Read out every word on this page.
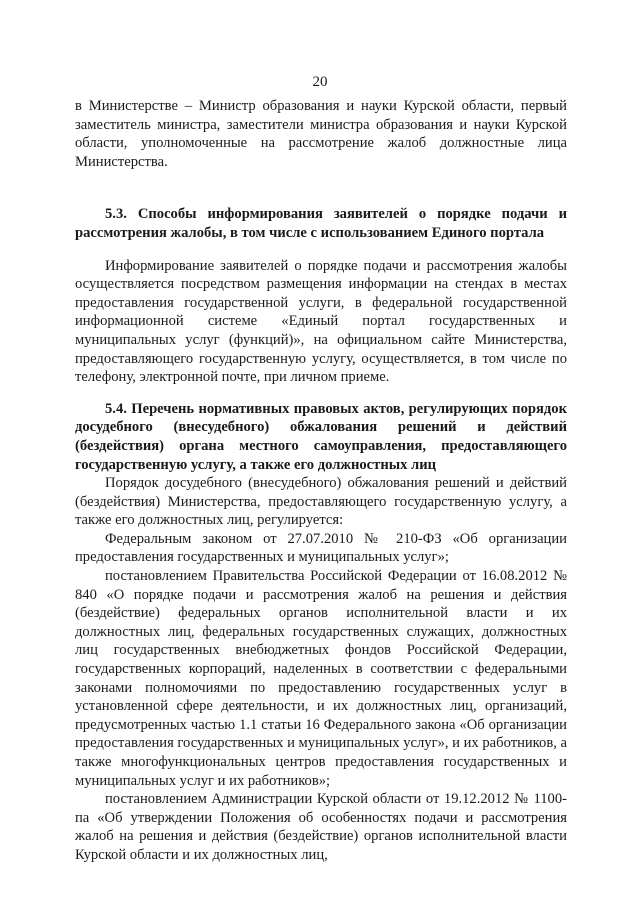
20

в Министерстве – Министр образования и науки Курской области, первый заместитель министра, заместители министра образования и науки Курской области, уполномоченные на рассмотрение жалоб должностные лица Министерства.

5.3. Способы информирования заявителей о порядке подачи и рассмотрения жалобы, в том числе с использованием Единого портала

Информирование заявителей о порядке подачи и рассмотрения жалобы осуществляется посредством размещения информации на стендах в местах предоставления государственной услуги, в федеральной государственной информационной системе «Единый портал государственных и муниципальных услуг (функций)», на официальном сайте Министерства, предоставляющего государственную услугу, осуществляется, в том числе по телефону, электронной почте, при личном приеме.

5.4. Перечень нормативных правовых актов, регулирующих порядок досудебного (внесудебного) обжалования решений и действий (бездействия) органа местного самоуправления, предоставляющего государственную услугу, а также его должностных лиц

Порядок досудебного (внесудебного) обжалования решений и действий (бездействия) Министерства, предоставляющего государственную услугу, а также его должностных лиц, регулируется:

Федеральным законом от 27.07.2010 № 210-ФЗ «Об организации предоставления государственных и муниципальных услуг»;

постановлением Правительства Российской Федерации от 16.08.2012 № 840 «О порядке подачи и рассмотрения жалоб на решения и действия (бездействие) федеральных органов исполнительной власти и их должностных лиц, федеральных государственных служащих, должностных лиц государственных внебюджетных фондов Российской Федерации, государственных корпораций, наделенных в соответствии с федеральными законами полномочиями по предоставлению государственных услуг в установленной сфере деятельности, и их должностных лиц, организаций, предусмотренных частью 1.1 статьи 16 Федерального закона «Об организации предоставления государственных и муниципальных услуг», и их работников, а также многофункциональных центров предоставления государственных и муниципальных услуг и их работников»;

постановлением Администрации Курской области от 19.12.2012 № 1100-па «Об утверждении Положения об особенностях подачи и рассмотрения жалоб на решения и действия (бездействие) органов исполнительной власти Курской области и их должностных лиц,
